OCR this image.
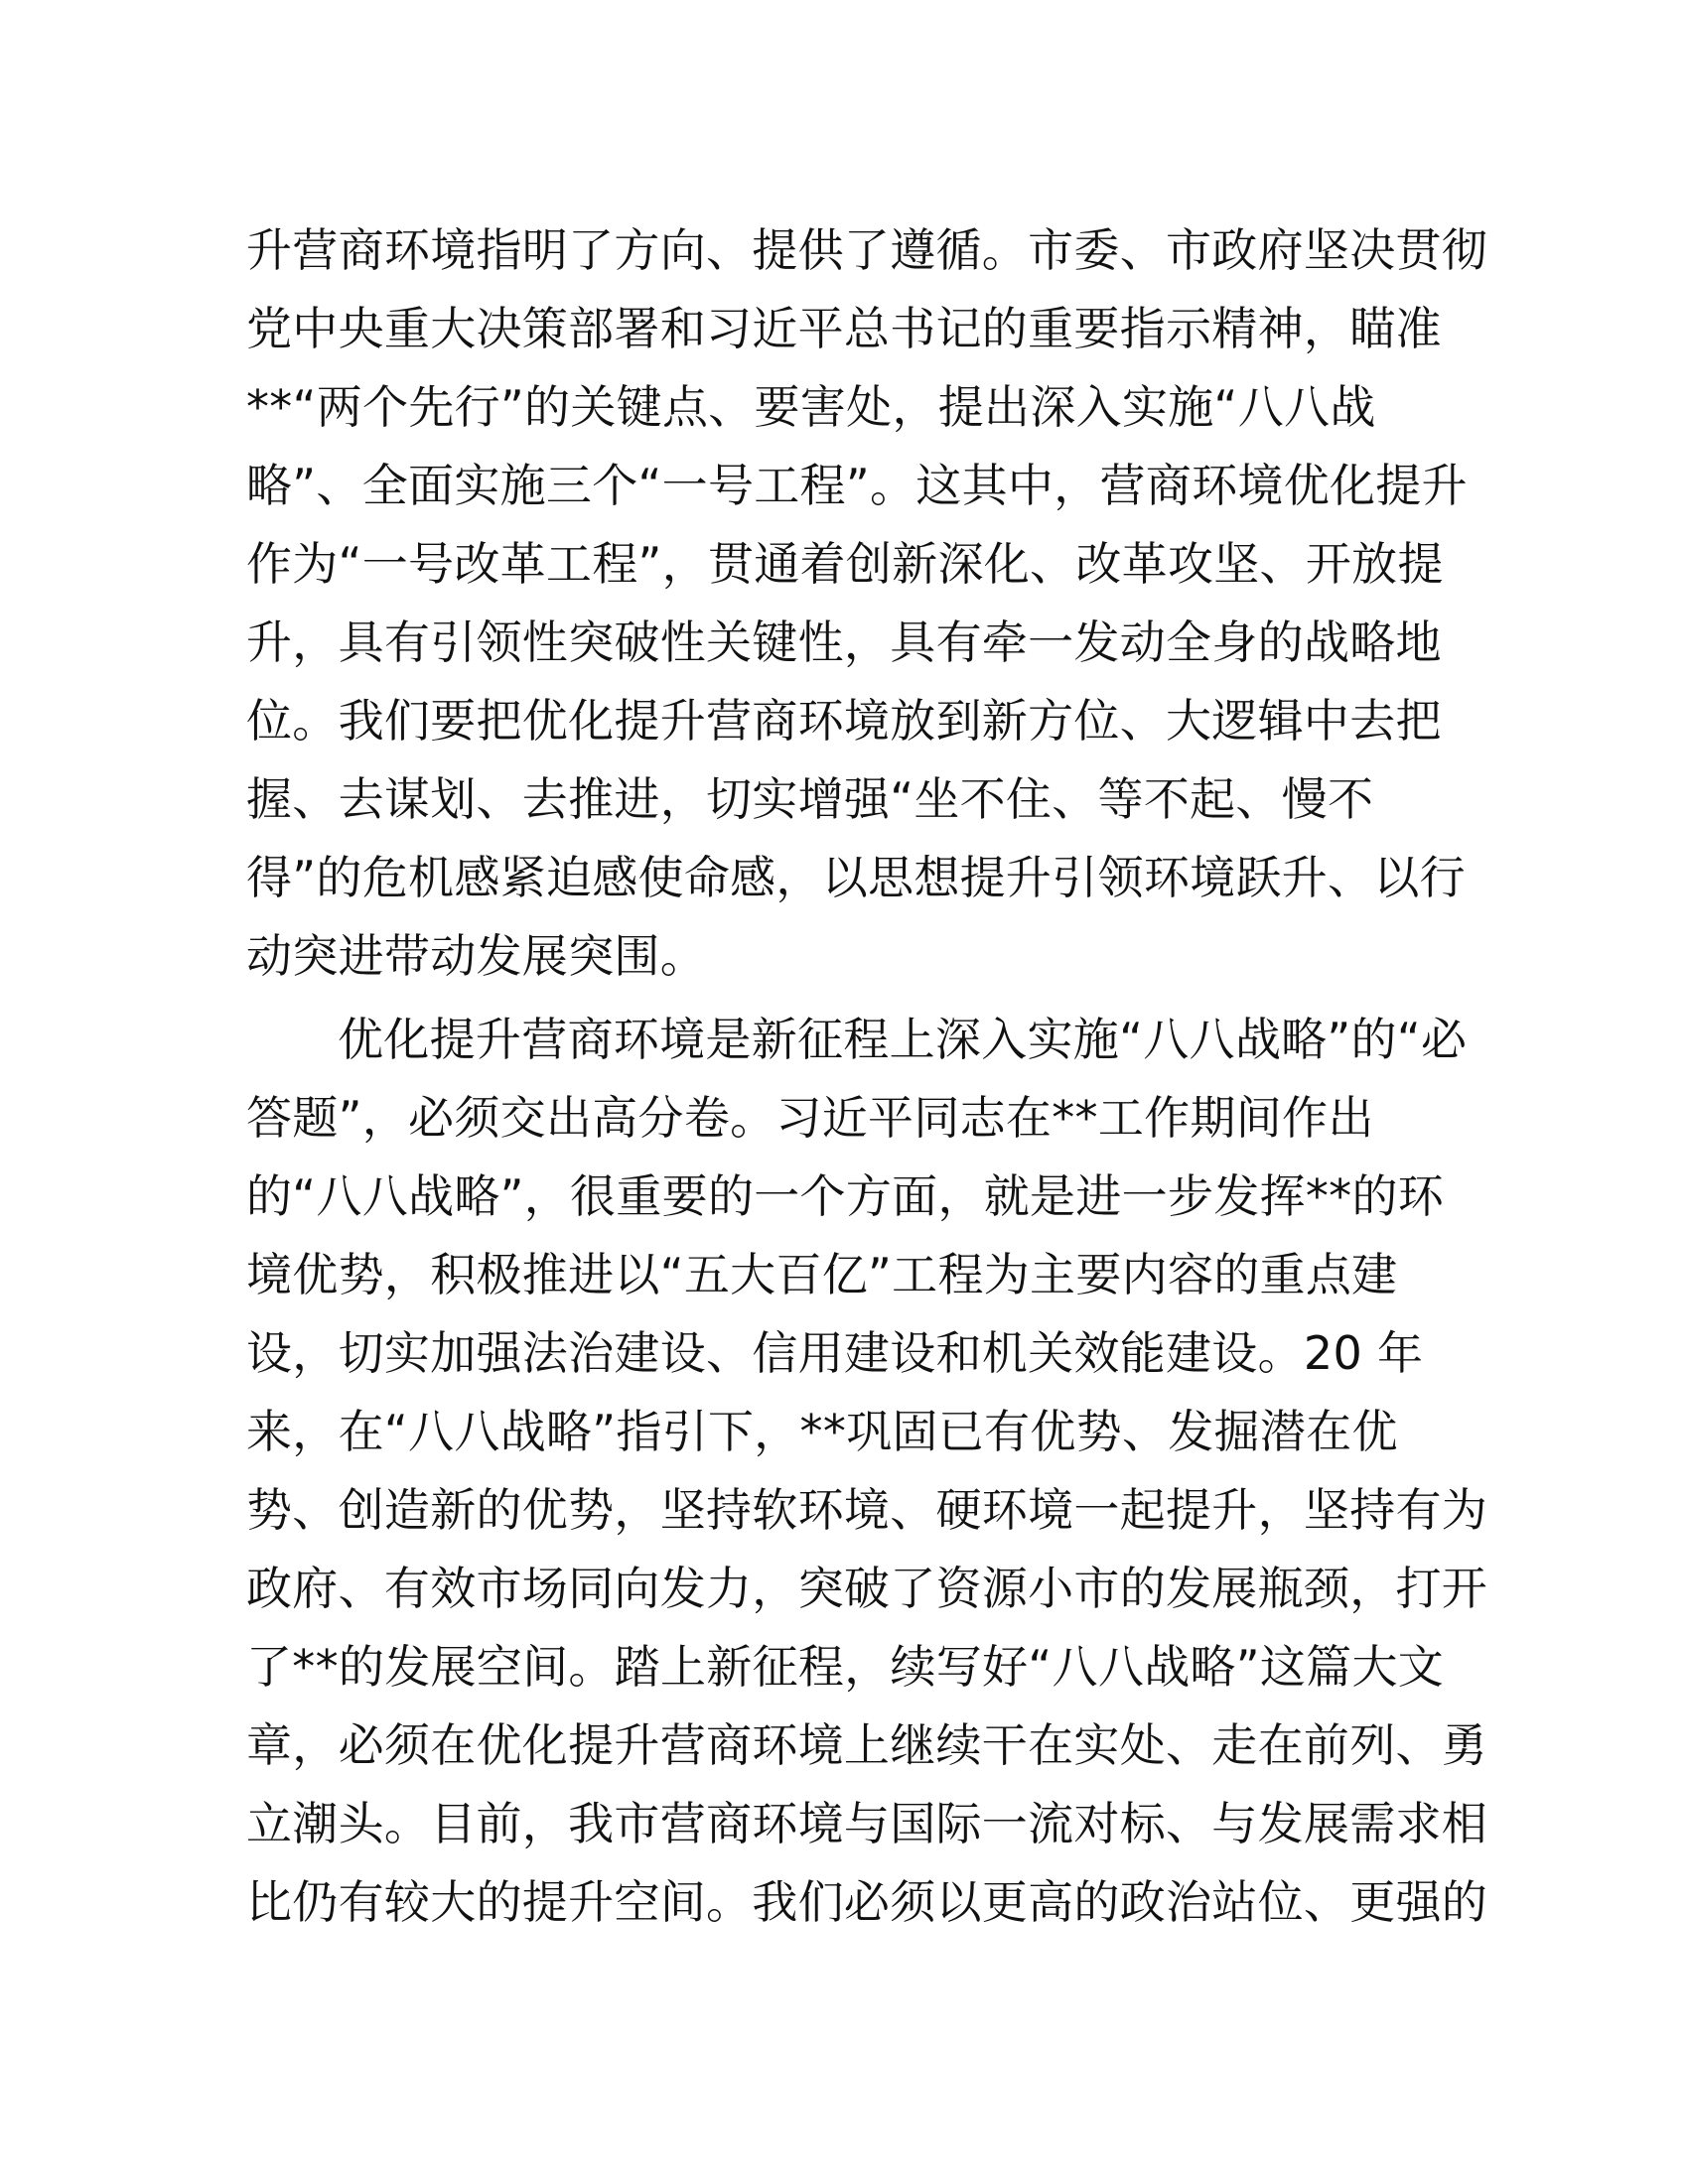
升营商环境指明了方向、提供了遵循。市委、市政府坚决贯彻
党中央重大决策部署和习近平总书记的重要指示精神，瞄准
**“两个先行”的关键点、要害处，提出深入实施“八八战
略”、全面实施三个“一号工程”。这其中，营商环境优化提升
作为“一号改革工程”，贯通着创新深化、改革攻坚、开放提
升，具有引领性突破性关键性，具有牵一发动全身的战略地
位。我们要把优化提升营商环境放到新方位、大逻辑中去把
握、去谋划、去推进，切实增强“坐不住、等不起、慢不
得”的危机感紧迫感使命感，以思想提升引领环境跃升、以行
动突进带动发展突围。
优化提升营商环境是新征程上深入实施“八八战略”的“必
答题”，必须交出高分卷。习近平同志在**工作期间作出
的“八八战略”，很重要的一个方面，就是进一步发挥**的环
境优势，积极推进以“五大百亿”工程为主要内容的重点建
设，切实加强法治建设、信用建设和机关效能建设。20 年
来，在“八八战略”指引下，**巩固已有优势、发掘潜在优
势、创造新的优势，坚持软环境、硬环境一起提升，坚持有为
政府、有效市场同向发力，突破了资源小市的发展瓶颈，打开
了**的发展空间。踏上新征程，续写好“八八战略”这篇大文
章，必须在优化提升营商环境上继续干在实处、走在前列、勇
立潮头。目前，我市营商环境与国际一流对标、与发展需求相
比仍有较大的提升空间。我们必须以更高的政治站位、更强的
